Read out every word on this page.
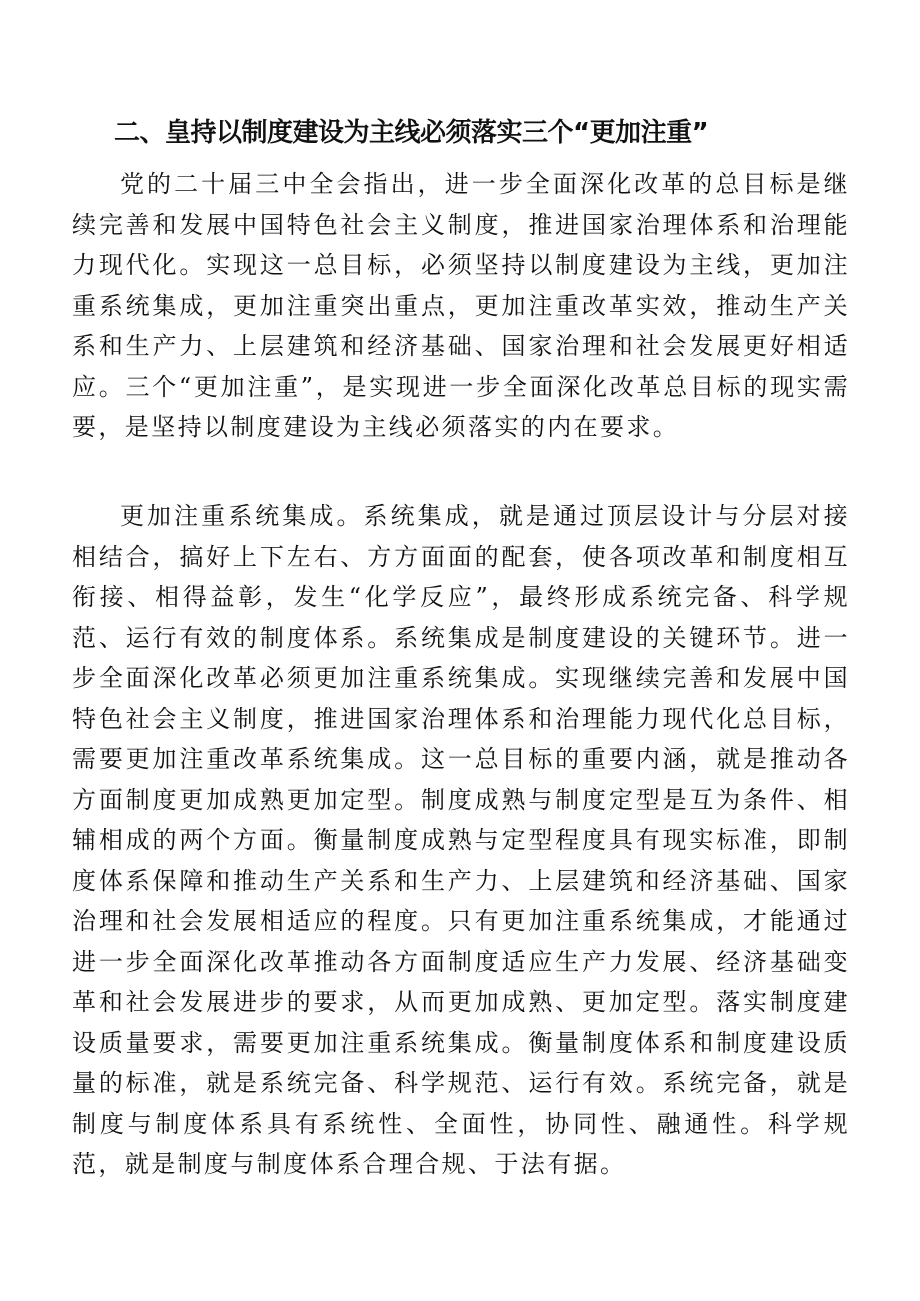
二、皇持以制度建设为主线必须落实三个“更加注重”

党的二十届三中全会指出，进一步全面深化改革的总目标是继续完善和发展中国特色社会主义制度，推进国家治理体系和治理能力现代化。实现这一总目标，必须坚持以制度建设为主线，更加注重系统集成，更加注重突出重点，更加注重改革实效，推动生产关系和生产力、上层建筑和经济基础、国家治理和社会发展更好相适应。三个“更加注重”，是实现进一步全面深化改革总目标的现实需要，是坚持以制度建设为主线必须落实的内在要求。

更加注重系统集成。系统集成，就是通过顶层设计与分层对接相结合，搞好上下左右、方方面面的配套，使各项改革和制度相互衔接、相得益彰，发生“化学反应”，最终形成系统完备、科学规范、运行有效的制度体系。系统集成是制度建设的关键环节。进一步全面深化改革必须更加注重系统集成。实现继续完善和发展中国特色社会主义制度，推进国家治理体系和治理能力现代化总目标，需要更加注重改革系统集成。这一总目标的重要内涵，就是推动各方面制度更加成熟更加定型。制度成熟与制度定型是互为条件、相辅相成的两个方面。衡量制度成熟与定型程度具有现实标准，即制度体系保障和推动生产关系和生产力、上层建筑和经济基础、国家治理和社会发展相适应的程度。只有更加注重系统集成，才能通过进一步全面深化改革推动各方面制度适应生产力发展、经济基础变革和社会发展进步的要求，从而更加成熟、更加定型。落实制度建设质量要求，需要更加注重系统集成。衡量制度体系和制度建设质量的标准，就是系统完备、科学规范、运行有效。系统完备，就是制度与制度体系具有系统性、全面性，协同性、融通性。科学规范，就是制度与制度体系合理合规、于法有据。
